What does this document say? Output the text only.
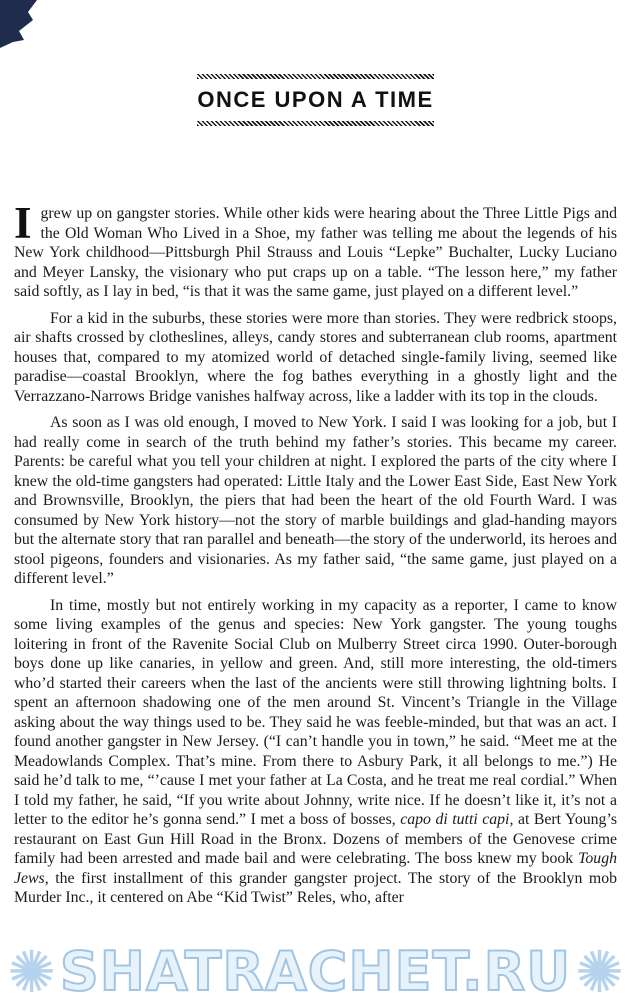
ONCE UPON A TIME

Igrew up on gangster stories. While other kids were hearing about the Three Little Pigs and the Old Woman Who Lived in a Shoe, my father was telling me about the legends of his New York childhood—Pittsburgh Phil Strauss and Louis “Lepke” Buchalter, Lucky Luciano and Meyer Lansky, the visionary who put craps up on a table. “The lesson here,” my father said softly, as I lay in bed, “is that it was the same game, just played on a different level.”

For a kid in the suburbs, these stories were more than stories. They were redbrick stoops, air shafts crossed by clotheslines, alleys, candy stores and subterranean club rooms, apartment houses that, compared to my atomized world of detached single-family living, seemed like paradise—coastal Brooklyn, where the fog bathes everything in a ghostly light and the Verrazzano-Narrows Bridge vanishes halfway across, like a ladder with its top in the clouds.

As soon as I was old enough, I moved to New York. I said I was looking for a job, but I had really come in search of the truth behind my father’s stories. This became my career. Parents: be careful what you tell your children at night. I explored the parts of the city where I knew the old-time gangsters had operated: Little Italy and the Lower East Side, East New York and Brownsville, Brooklyn, the piers that had been the heart of the old Fourth Ward. I was consumed by New York history—not the story of marble buildings and glad-handing mayors but the alternate story that ran parallel and beneath—the story of the underworld, its heroes and stool pigeons, founders and visionaries. As my father said, “the same game, just played on a different level.”

In time, mostly but not entirely working in my capacity as a reporter, I came to know some living examples of the genus and species: New York gangster. The young toughs loitering in front of the Ravenite Social Club on Mulberry Street circa 1990. Outer-borough boys done up like canaries, in yellow and green. And, still more interesting, the old-timers who’d started their careers when the last of the ancients were still throwing lightning bolts. I spent an afternoon shadowing one of the men around St. Vincent’s Triangle in the Village asking about the way things used to be. They said he was feeble-minded, but that was an act. I found another gangster in New Jersey. (“I can’t handle you in town,” he said. “Meet me at the Meadowlands Complex. That’s mine. From there to Asbury Park, it all belongs to me.”) He said he’d talk to me, “’cause I met your father at La Costa, and he treat me real cordial.” When I told my father, he said, “If you write about Johnny, write nice. If he doesn’t like it, it’s not a letter to the editor he’s gonna send.” I met a boss of bosses, capo di tutti capi, at Bert Young’s restaurant on East Gun Hill Road in the Bronx. Dozens of members of the Genovese crime family had been arrested and made bail and were celebrating. The boss knew my book Tough Jews, the first installment of this grander gangster project. The story of the Brooklyn mob Murder Inc., it centered on Abe “Kid Twist” Reles, who, after

✺ SHATRACHET.RU ✺
